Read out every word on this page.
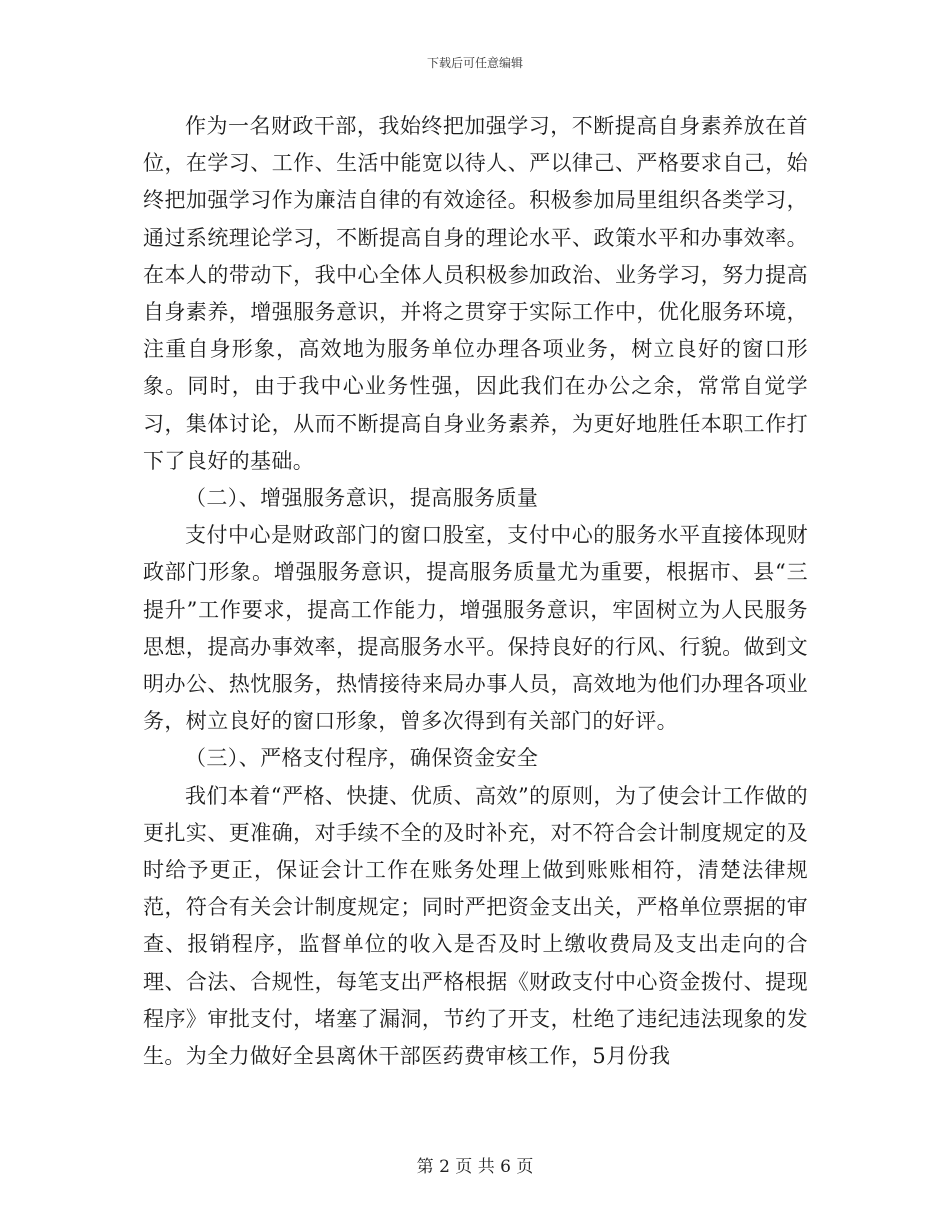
下载后可任意编辑

作为一名财政干部，我始终把加强学习，不断提高自身素养放在首位，在学习、工作、生活中能宽以待人、严以律己、严格要求自己，始终把加强学习作为廉洁自律的有效途径。积极参加局里组织各类学习，通过系统理论学习，不断提高自身的理论水平、政策水平和办事效率。在本人的带动下，我中心全体人员积极参加政治、业务学习，努力提高自身素养，增强服务意识，并将之贯穿于实际工作中，优化服务环境，注重自身形象，高效地为服务单位办理各项业务，树立良好的窗口形象。同时，由于我中心业务性强，因此我们在办公之余，常常自觉学习，集体讨论，从而不断提高自身业务素养，为更好地胜任本职工作打下了良好的基础。

（二）、增强服务意识，提高服务质量

支付中心是财政部门的窗口股室，支付中心的服务水平直接体现财政部门形象。增强服务意识，提高服务质量尤为重要，根据市、县“三提升”工作要求，提高工作能力，增强服务意识，牢固树立为人民服务思想，提高办事效率，提高服务水平。保持良好的行风、行貌。做到文明办公、热忱服务，热情接待来局办事人员，高效地为他们办理各项业务，树立良好的窗口形象，曾多次得到有关部门的好评。

（三）、严格支付程序，确保资金安全

我们本着“严格、快捷、优质、高效”的原则，为了使会计工作做的更扎实、更准确，对手续不全的及时补充，对不符合会计制度规定的及时给予更正，保证会计工作在账务处理上做到账账相符，清楚法律规范，符合有关会计制度规定；同时严把资金支出关，严格单位票据的审查、报销程序，监督单位的收入是否及时上缴收费局及支出走向的合理、合法、合规性，每笔支出严格根据《财政支付中心资金拨付、提现程序》审批支付，堵塞了漏洞，节约了开支，杜绝了违纪违法现象的发生。为全力做好全县离休干部医药费审核工作，5月份我

第 2 页 共 6 页
